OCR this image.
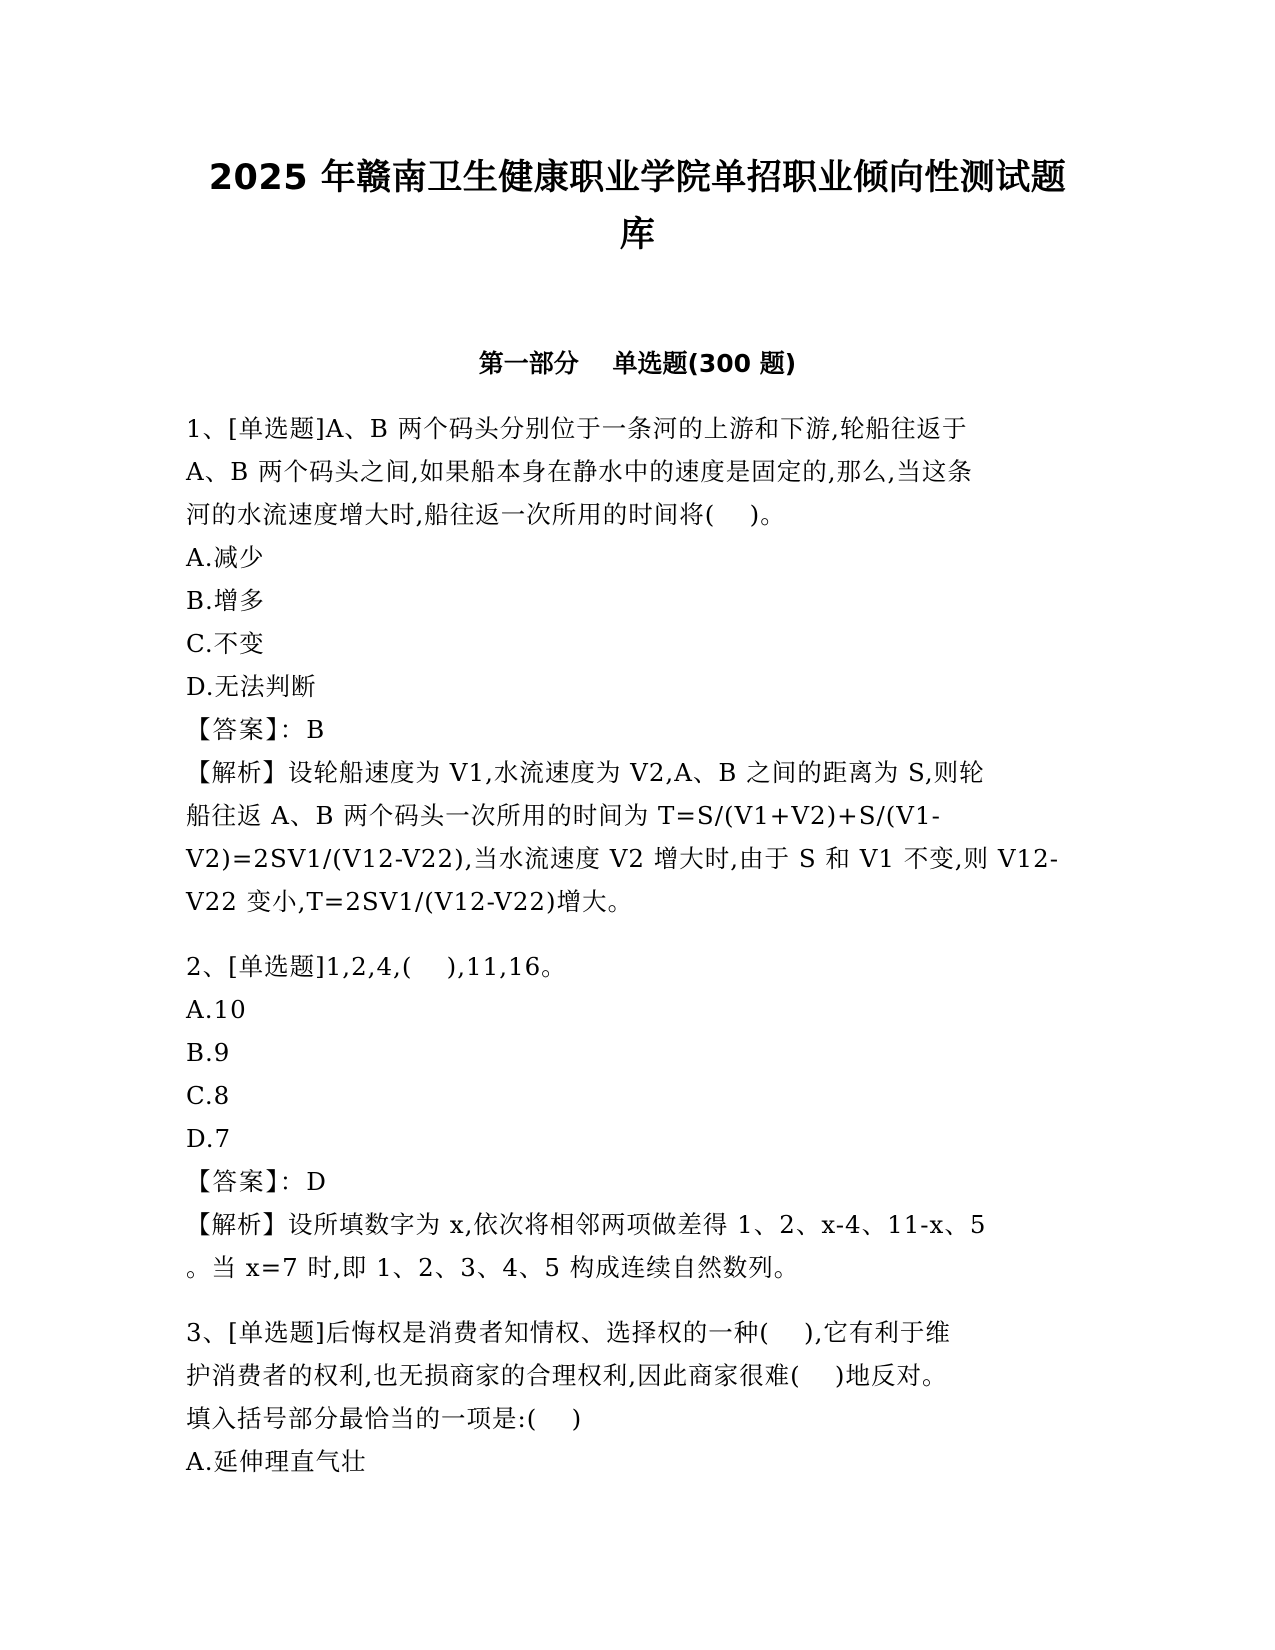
2025 年赣南卫生健康职业学院单招职业倾向性测试题
库
第一部分　 单选题(300 题)
1、[单选题]A、B 两个码头分别位于一条河的上游和下游,轮船往返于
A、B 两个码头之间,如果船本身在静水中的速度是固定的,那么,当这条
河的水流速度增大时,船往返一次所用的时间将(　 )。
A.减少
B.增多
C.不变
D.无法判断
【答案】：B
【解析】设轮船速度为 V1,水流速度为 V2,A、B 之间的距离为 S,则轮
船往返 A、B 两个码头一次所用的时间为 T=S/(V1+V2)+S/(V1-
V2)=2SV1/(V12-V22),当水流速度 V2 增大时,由于 S 和 V1 不变,则 V12-
V22 变小,T=2SV1/(V12-V22)增大。
2、[单选题]1,2,4,(　 ),11,16。
A.10
B.9
C.8
D.7
【答案】：D
【解析】设所填数字为 x,依次将相邻两项做差得 1、2、x-4、11-x、5
。当 x=7 时,即 1、2、3、4、5 构成连续自然数列。
3、[单选题]后悔权是消费者知情权、选择权的一种(　 ),它有利于维
护消费者的权利,也无损商家的合理权利,因此商家很难(　 )地反对。
填入括号部分最恰当的一项是:(　 )
A.延伸理直气壮
